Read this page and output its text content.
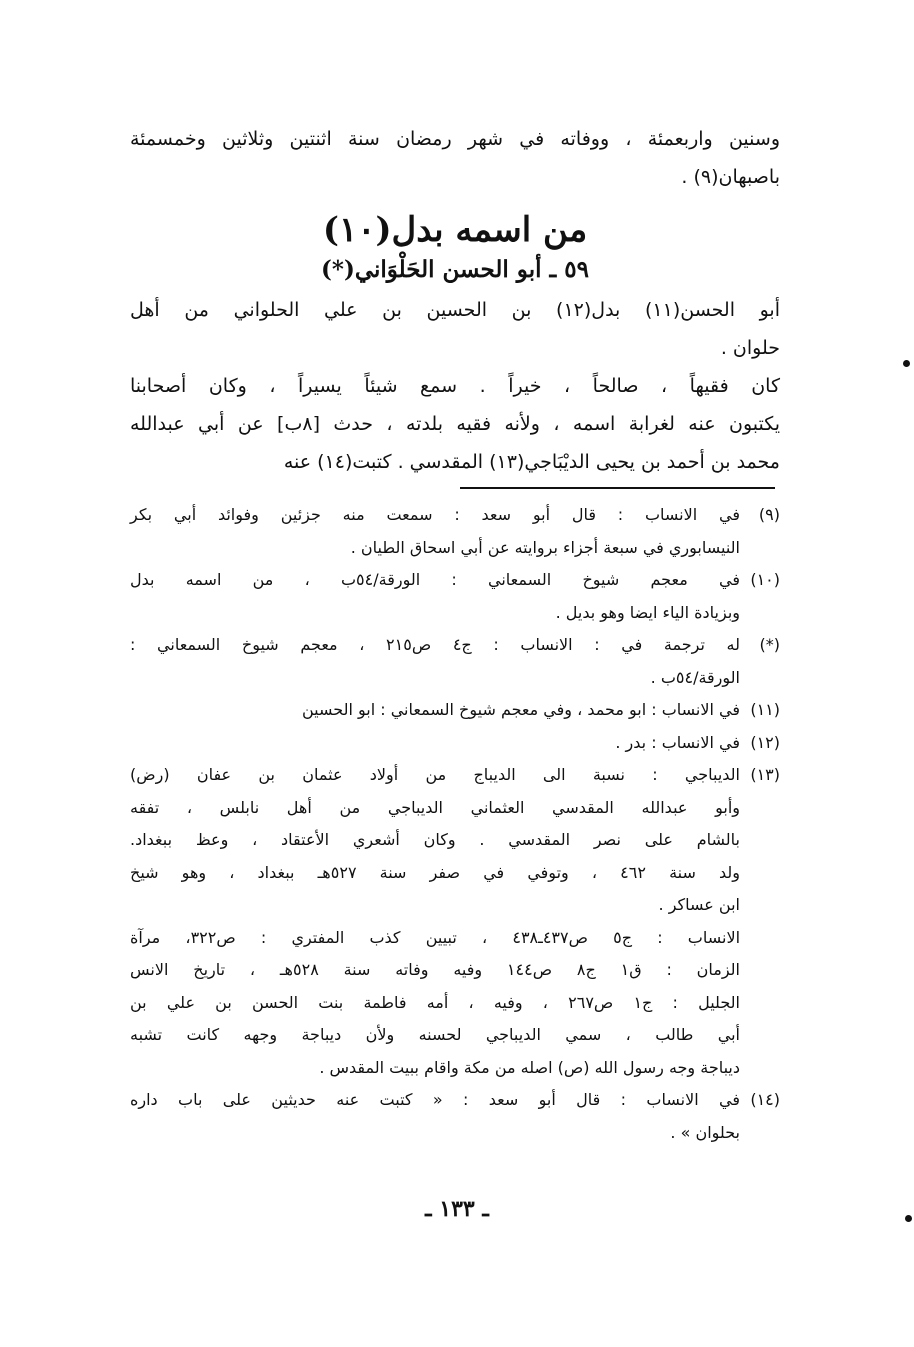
وسنين واربعمئة ، ووفاته في شهر رمضان سنة اثنتين وثلاثين وخمسمئة
باصبهان(٩) .
من اسمه بدل(١٠)
٥٩ ـ أبو الحسن الحَلْوَاني(*)
أبو الحسن(١١) بدل(١٢) بن الحسين بن علي الحلواني من أهل
حلوان .
كان فقيهاً ، صالحاً ، خيراً . سمع شيئاً يسيراً ، وكان أصحابنا
يكتبون عنه لغرابة اسمه ، ولأنه فقيه بلدته ، حدث [٨ب] عن أبي عبدالله
محمد بن أحمد بن يحيى الديْبَاجي(١٣) المقدسي . كتبت(١٤) عنه
(٩)
في الانساب : قال أبو سعد : سمعت منه جزئين وفوائد أبي بكر
النيسابوري في سبعة أجزاء بروايته عن أبي اسحاق الطيان .
(١٠)
في معجم شيوخ السمعاني : الورقة/٥٤ب ، من اسمه بدل
وبزيادة الياء ايضا وهو بديل .
(*)
له ترجمة في : الانساب : ج٤ ص٢١٥ ، معجم شيوخ السمعاني :
الورقة/٥٤ب .
(١١)
في الانساب : ابو محمد ، وفي معجم شيوخ السمعاني : ابو الحسين
(١٢)
في الانساب : بدر .
(١٣)
الديباجي : نسبة الى الديباج من أولاد عثمان بن عفان (رض)
وأبو عبدالله المقدسي العثماني الديباجي من أهل نابلس ، تفقه
بالشام على نصر المقدسي . وكان أشعري الأعتقاد ، وعظ ببغداد.
ولد سنة ٤٦٢ ، وتوفي في صفر سنة ٥٢٧هـ ببغداد ، وهو شيخ
ابن عساكر .
الانساب : ج٥ ص٤٣٧ـ٤٣٨ ، تبيين كذب المفتري : ص٣٢٢، مرآة
الزمان : ق١ ج٨ ص١٤٤ وفيه وفاته سنة ٥٢٨هـ ، تاريخ الانس
الجليل : ج١ ص٢٦٧ ، وفيه ، أمه فاطمة بنت الحسن بن علي بن
أبي طالب ، سمي الديباجي لحسنه ولأن ديباجة وجهه كانت تشبه
ديباجة وجه رسول الله (ص) اصله من مكة واقام ببيت المقدس .
(١٤)
في الانساب : قال أبو سعد : « كتبت عنه حديثين على باب داره
بحلوان » .
ـ ١٣٣ ـ
